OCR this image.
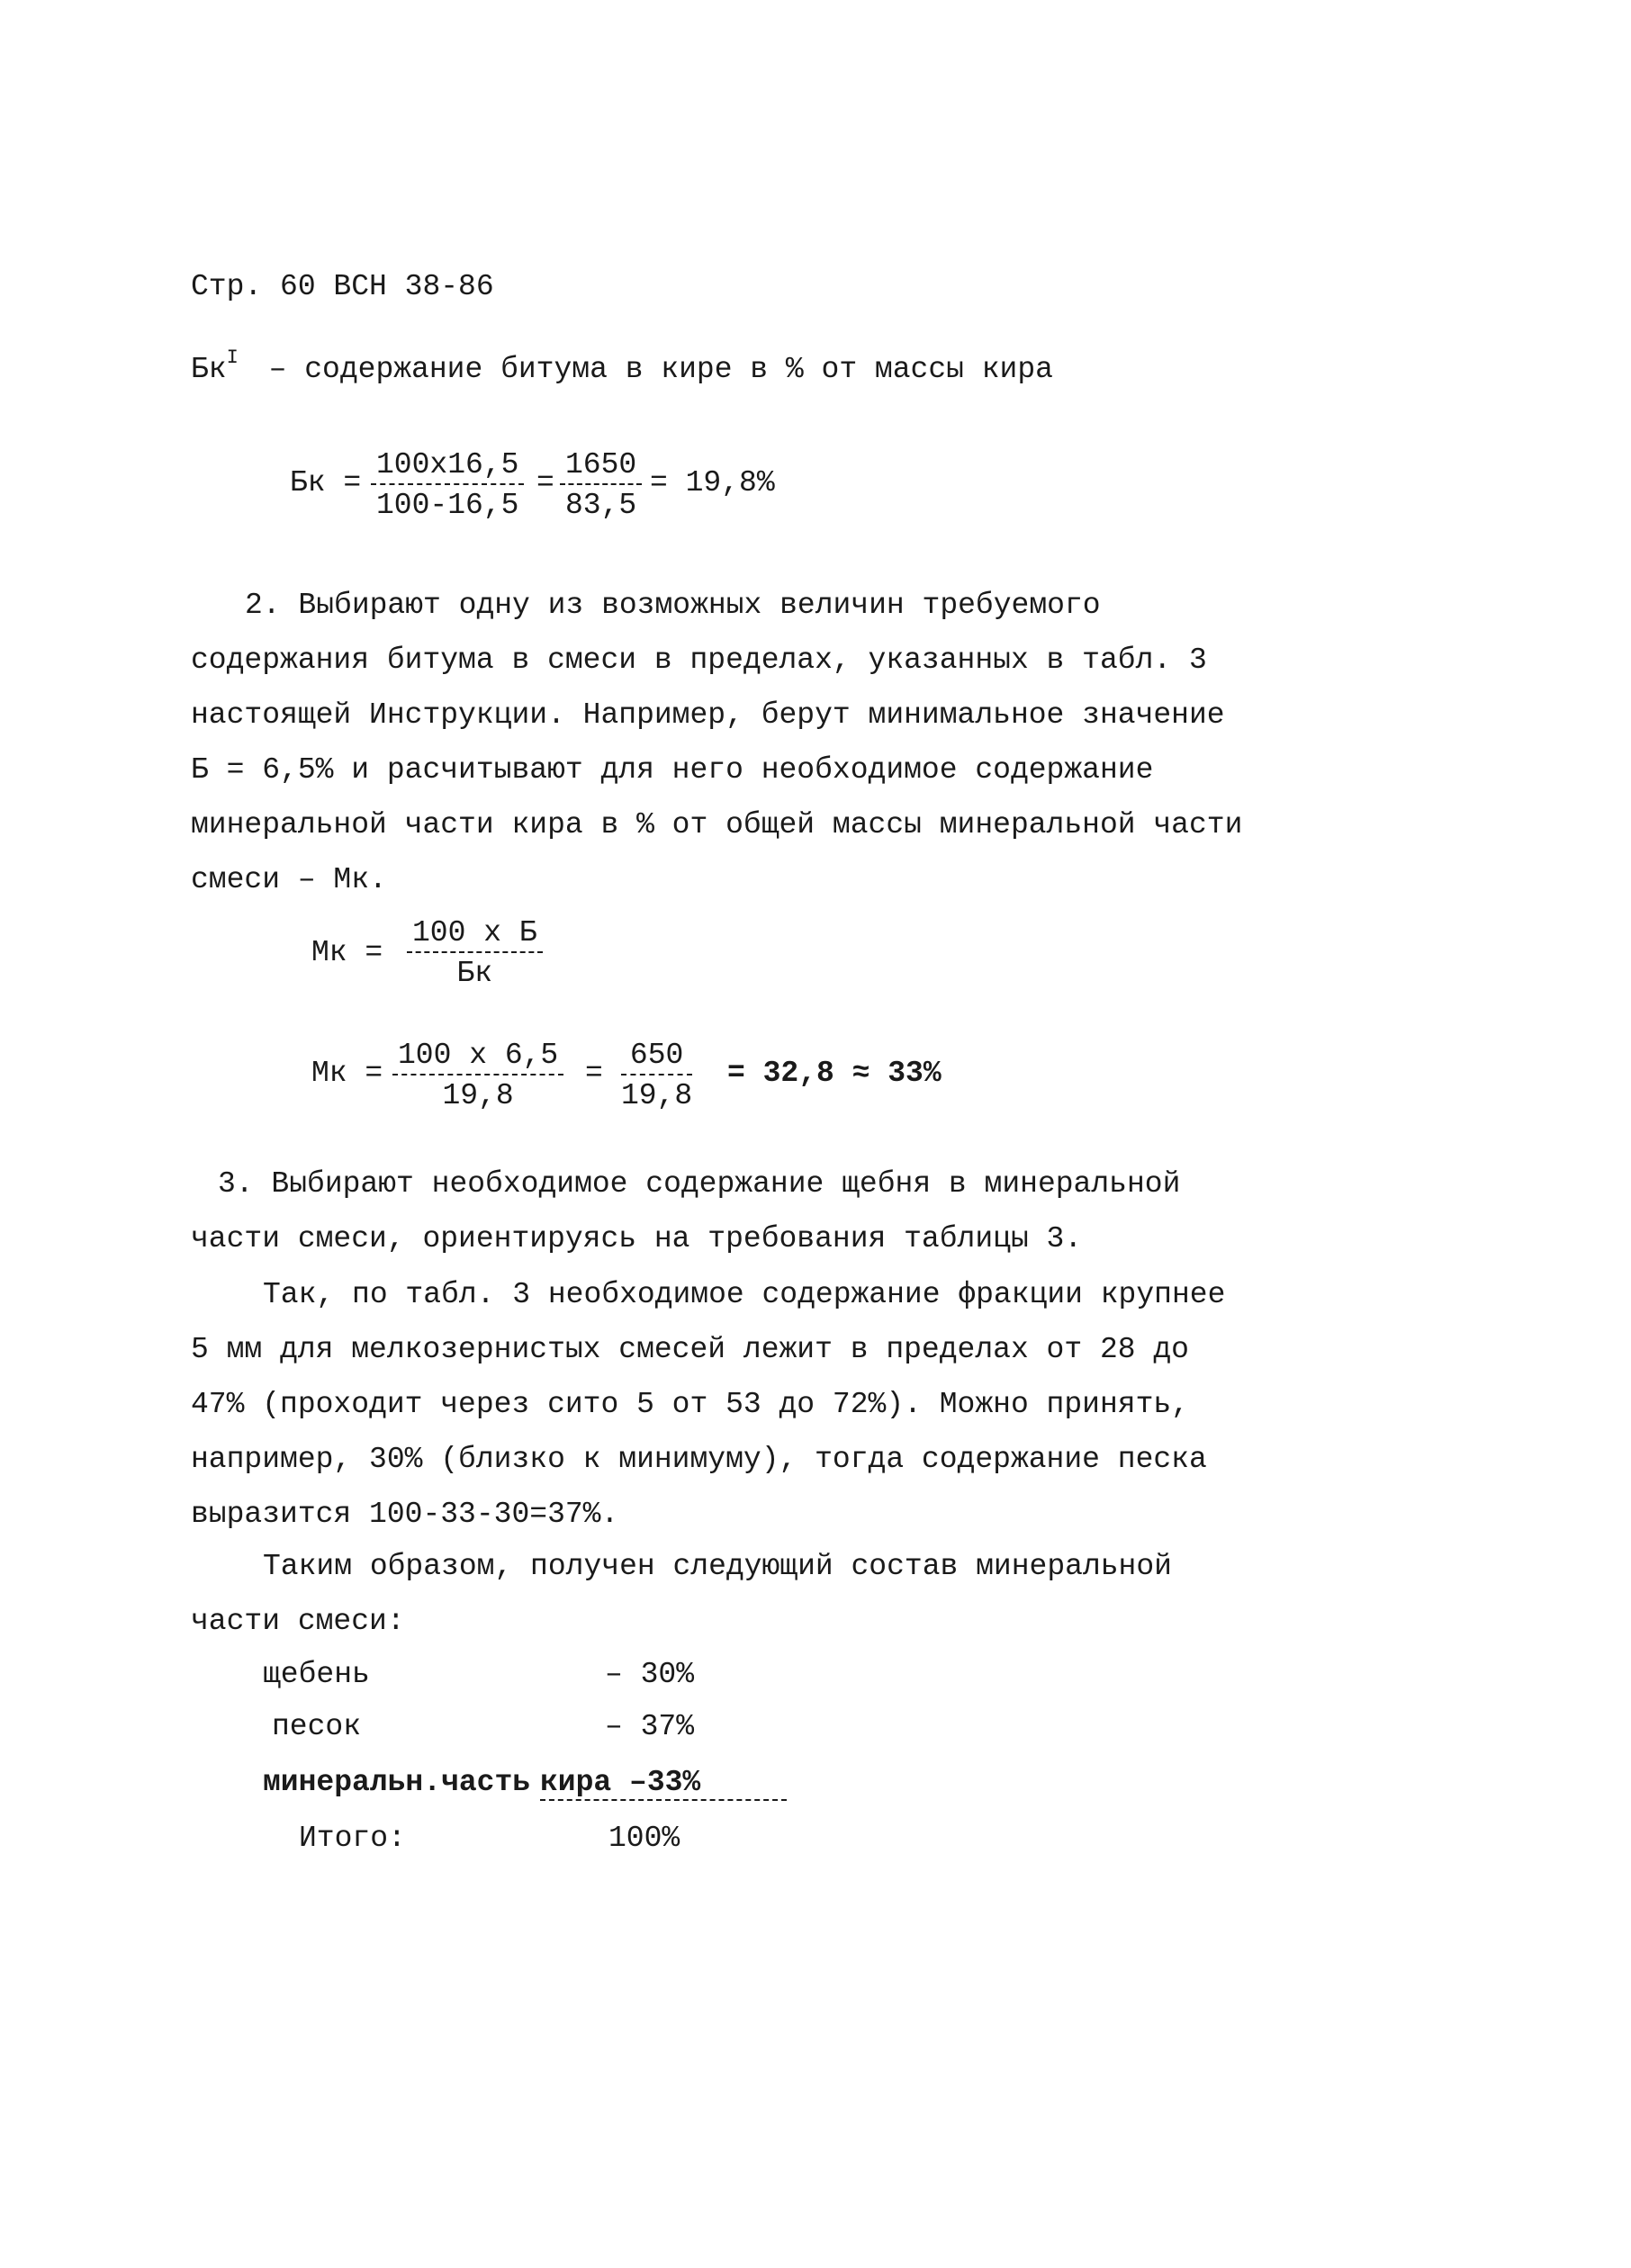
Стр. 60 ВСН 38-86
$Бк^I$ – содержание битума в кире в % от массы кира
Бк =
100х16,5
100-16,5
= $\frac{1650}{83,5} = 19,8\%$
2. Выбирают одну из возможных величин требуемого содержания битума в смеси в пределах, указанных в табл. 3 настоящей Инструкции. Например, берут минимальное значение Б = 6,5% и расчитывают для него необходимое содержание минеральной части кира в % от общей массы минеральной части смеси – Мк.
Мк =
100 х Б
Бк
Мк =
100 х 6,5
19,8
= $\frac{650}{19,8} = 32,8 \approx 33\%$
3. Выбирают необходимое содержание щебня в минеральной части смеси, ориентируясь на требования таблицы 3.
Так, по табл. 3 необходимое содержание фракции крупнее 5 мм для мелкозернистых смесей лежит в пределах от 28 до 47% (проходит через сито 5 от 53 до 72%). Можно принять, например, 30% (близко к минимуму), тогда содержание песка выразится 100-33-30=37%.
Таким образом, получен следующий состав минеральной части смеси:
щебень	– 30%
песок	– 37%
минеральн.часть кира –33%
Итого:	100%
